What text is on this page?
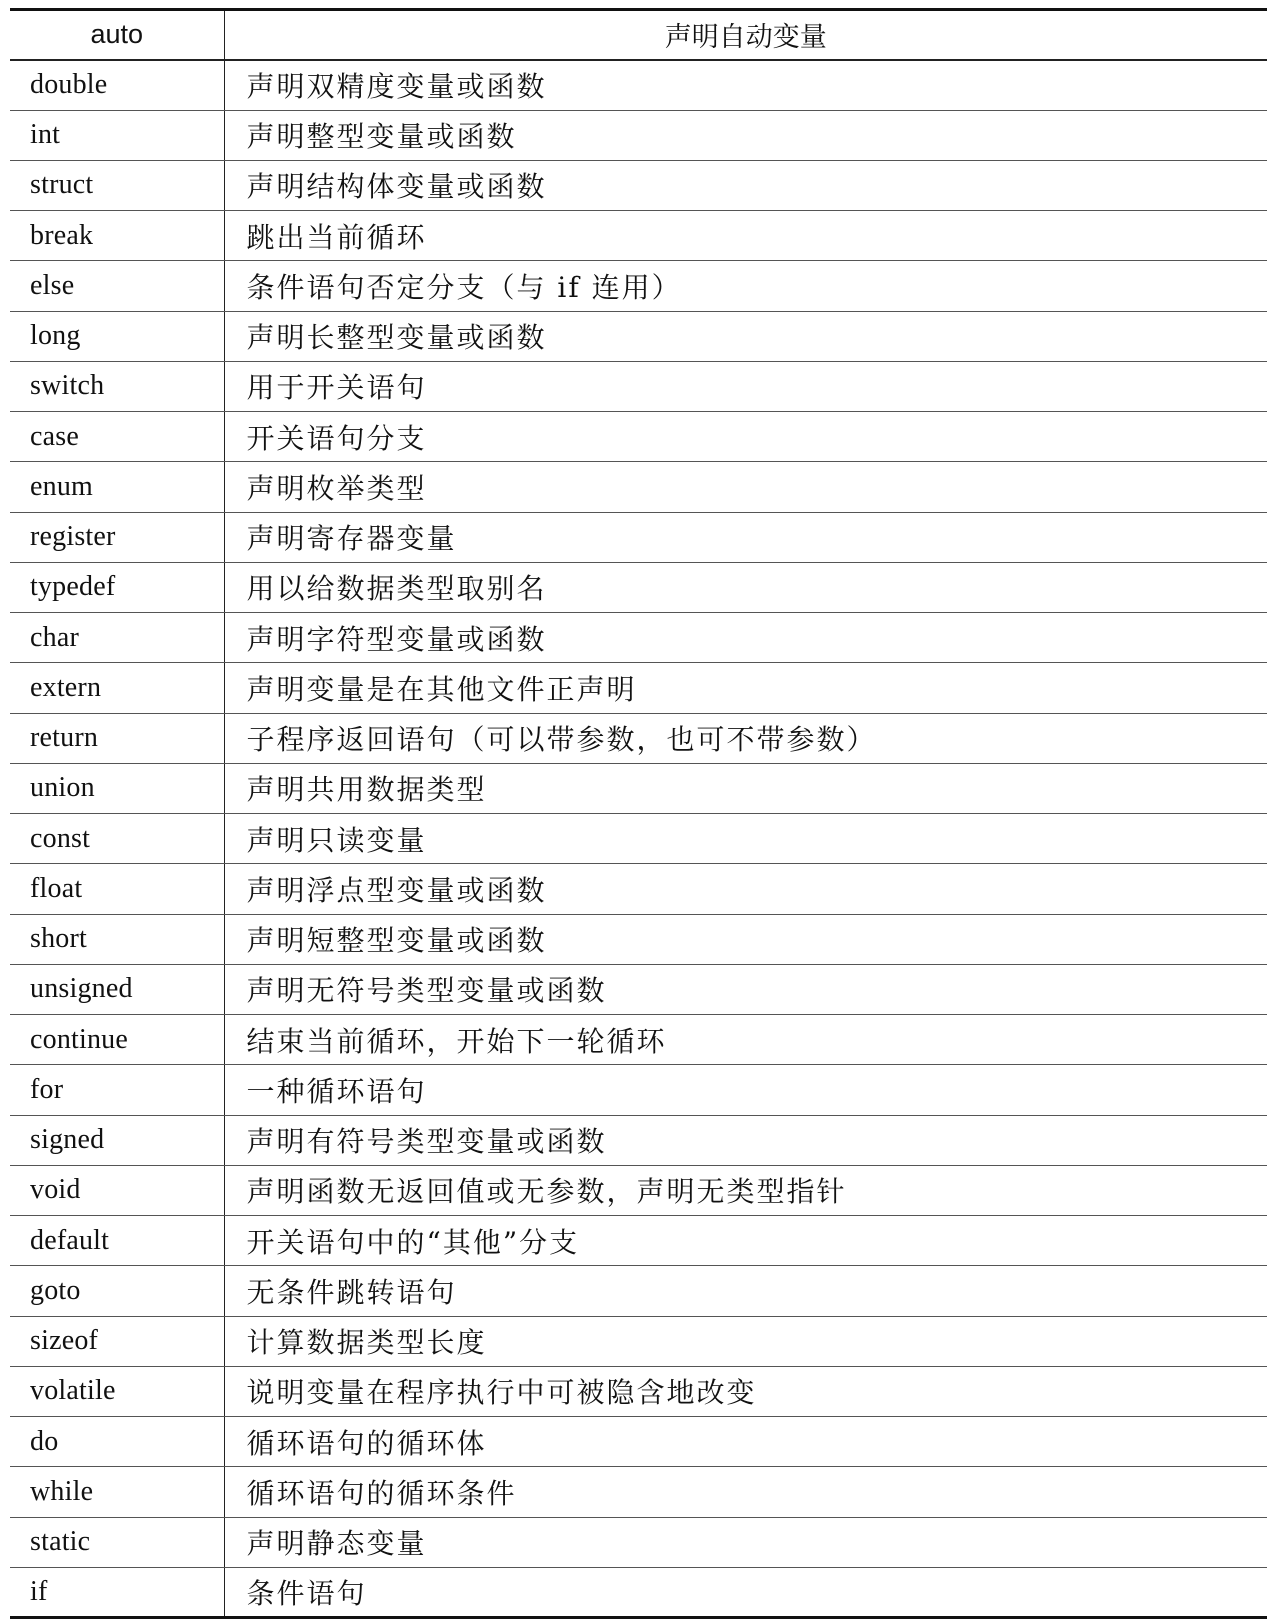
auto	声明自动变量
double	声明双精度变量或函数
int	声明整型变量或函数
struct	声明结构体变量或函数
break	跳出当前循环
else	条件语句否定分支（与 if 连用）
long	声明长整型变量或函数
switch	用于开关语句
case	开关语句分支
enum	声明枚举类型
register	声明寄存器变量
typedef	用以给数据类型取别名
char	声明字符型变量或函数
extern	声明变量是在其他文件正声明
return	子程序返回语句（可以带参数，也可不带参数）
union	声明共用数据类型
const	声明只读变量
float	声明浮点型变量或函数
short	声明短整型变量或函数
unsigned	声明无符号类型变量或函数
continue	结束当前循环，开始下一轮循环
for	一种循环语句
signed	声明有符号类型变量或函数
void	声明函数无返回值或无参数，声明无类型指针
default	开关语句中的“其他”分支
goto	无条件跳转语句
sizeof	计算数据类型长度
volatile	说明变量在程序执行中可被隐含地改变
do	循环语句的循环体
while	循环语句的循环条件
static	声明静态变量
if	条件语句
